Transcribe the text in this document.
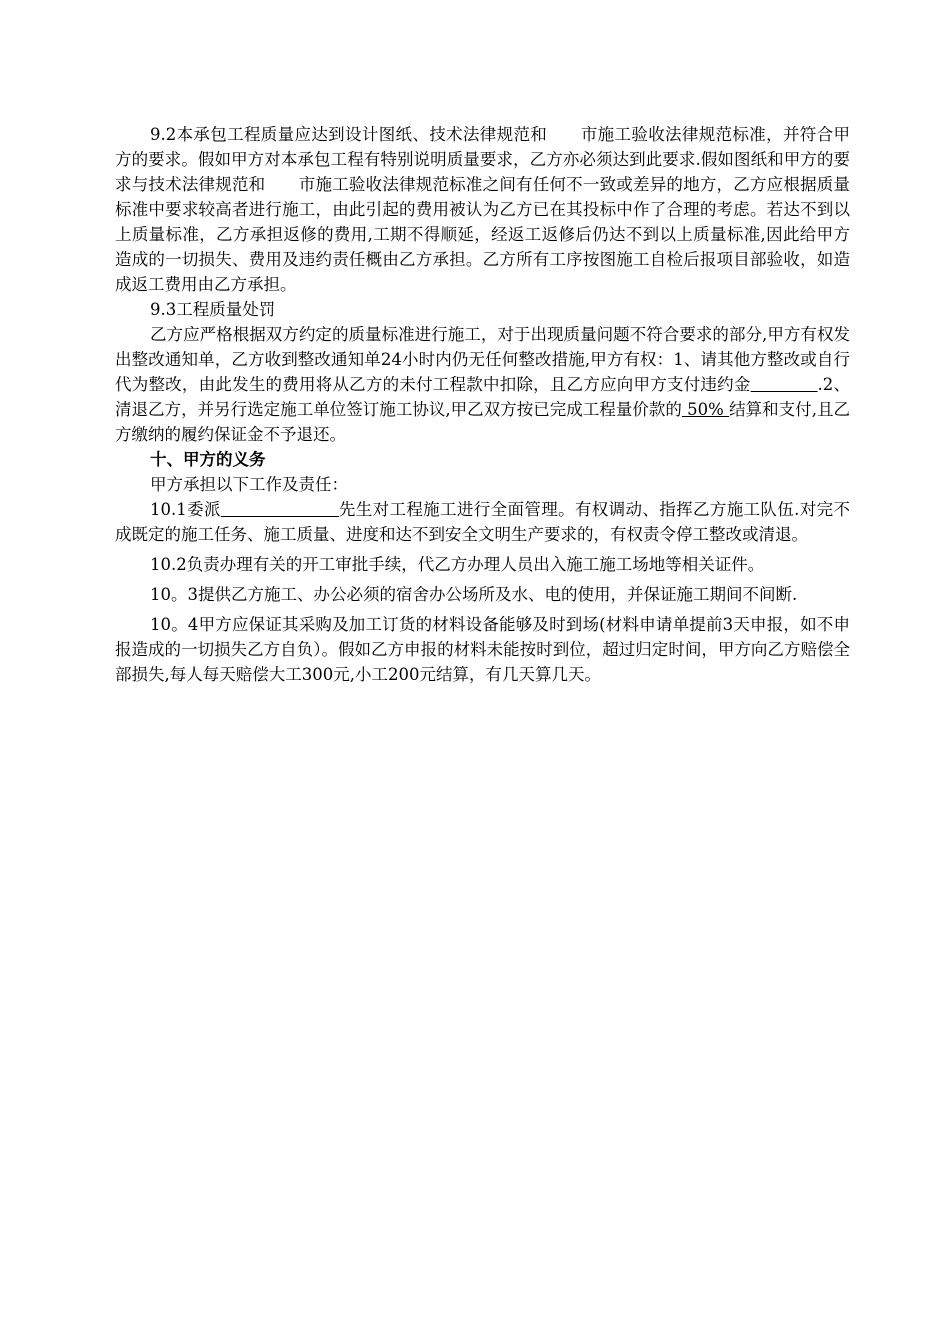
9.2本承包工程质量应达到设计图纸、技术法律规范和　　市施工验收法律规范标准，并符合甲方的要求。假如甲方对本承包工程有特别说明质量要求，乙方亦必须达到此要求.假如图纸和甲方的要求与技术法律规范和　　市施工验收法律规范标准之间有任何不一致或差异的地方，乙方应根据质量标准中要求较高者进行施工，由此引起的费用被认为乙方已在其投标中作了合理的考虑。若达不到以上质量标准，乙方承担返修的费用,工期不得顺延，经返工返修后仍达不到以上质量标准,因此给甲方造成的一切损失、费用及违约责任概由乙方承担。乙方所有工序按图施工自检后报项目部验收，如造成返工费用由乙方承担。

9.3工程质量处罚

乙方应严格根据双方约定的质量标准进行施工，对于出现质量问题不符合要求的部分,甲方有权发出整改通知单，乙方收到整改通知单24小时内仍无任何整改措施,甲方有权：1、请其他方整改或自行代为整改，由此发生的费用将从乙方的未付工程款中扣除，且乙方应向甲方支付违约金　　　　	.2、清退乙方，并另行选定施工单位签订施工协议,甲乙双方按已完成工程量价款的 50% 结算和支付,且乙方缴纳的履约保证金不予退还。

十、甲方的义务

甲方承担以下工作及责任：

10.1委派　　　　　　　	先生对工程施工进行全面管理。有权调动、指挥乙方施工队伍.对完不成既定的施工任务、施工质量、进度和达不到安全文明生产要求的，有权责令停工整改或清退。

10.2负责办理有关的开工审批手续，代乙方办理人员出入施工施工场地等相关证件。

10。3提供乙方施工、办公必须的宿舍办公场所及水、电的使用，并保证施工期间不间断.

10。4甲方应保证其采购及加工订货的材料设备能够及时到场(材料申请单提前3天申报，如不申报造成的一切损失乙方自负）。假如乙方申报的材料未能按时到位，超过归定时间，甲方向乙方赔偿全部损失,每人每天赔偿大工300元,小工200元结算，有几天算几天。
